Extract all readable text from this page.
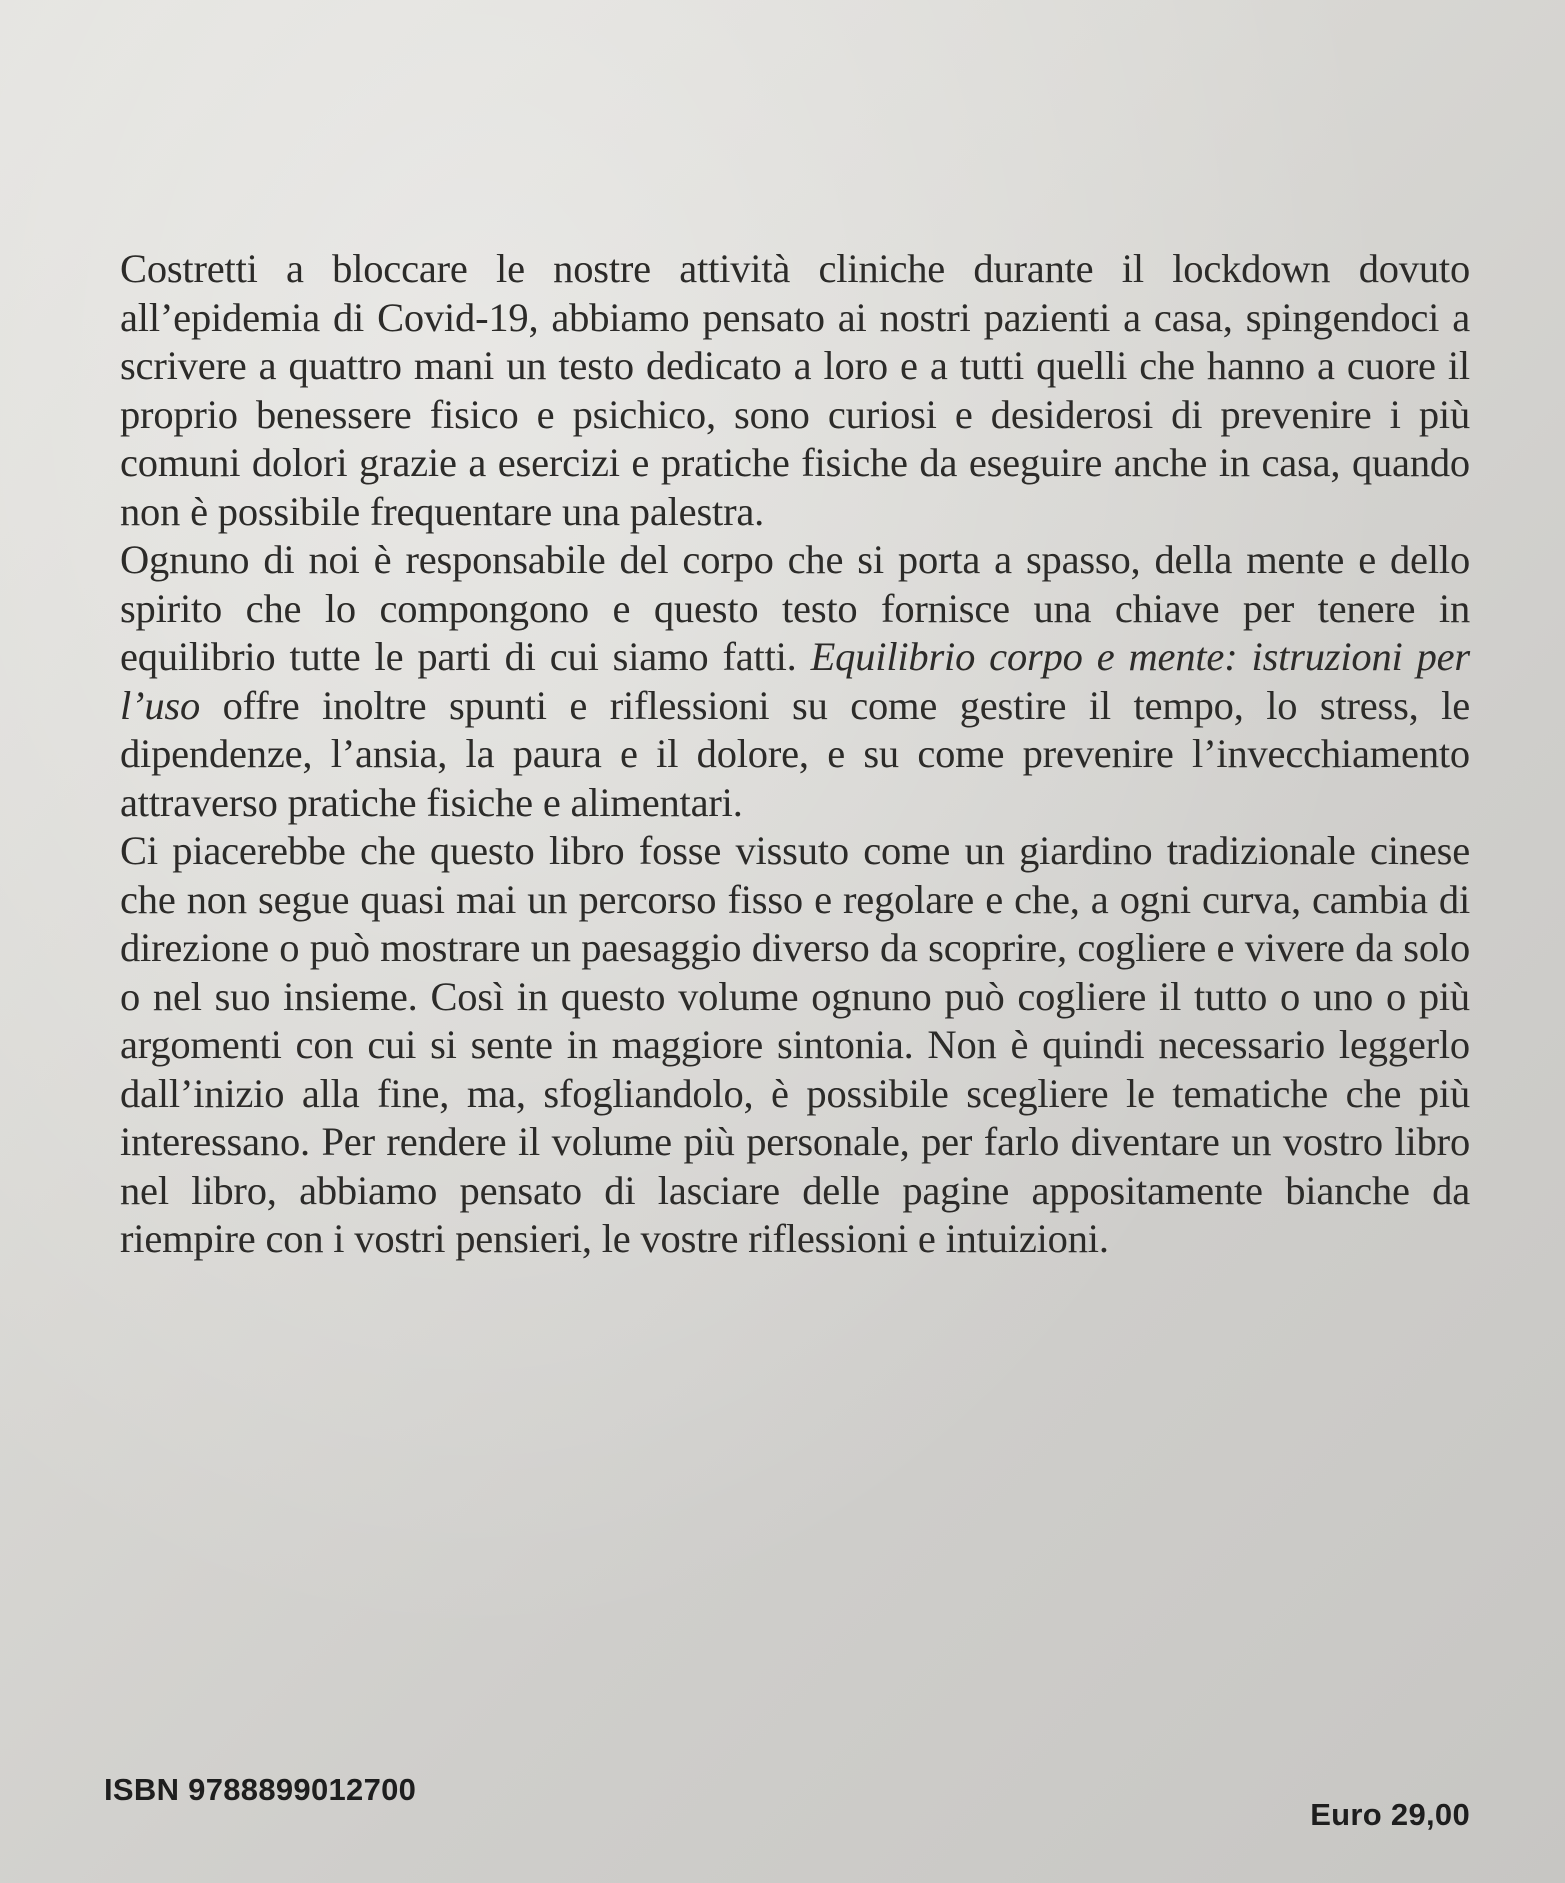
Costretti a bloccare le nostre attività cliniche durante il lockdown dovuto all’epidemia di Covid-19, abbiamo pensato ai nostri pazienti a casa, spingendoci a scrivere a quattro mani un testo dedicato a loro e a tutti quelli che hanno a cuore il proprio benessere fisico e psichico, sono curiosi e desiderosi di prevenire i più comuni dolori grazie a esercizi e pratiche fisiche da eseguire anche in casa, quando non è possibile frequentare una palestra.

Ognuno di noi è responsabile del corpo che si porta a spasso, della mente e dello spirito che lo compongono e questo testo fornisce una chiave per tenere in equilibrio tutte le parti di cui siamo fatti. Equilibrio corpo e mente: istruzioni per l’uso offre inoltre spunti e riflessioni su come gestire il tempo, lo stress, le dipendenze, l’ansia, la paura e il dolore, e su come prevenire l’invecchiamento attraverso pratiche fisiche e alimentari.

Ci piacerebbe che questo libro fosse vissuto come un giardino tradizionale cinese che non segue quasi mai un percorso fisso e regolare e che, a ogni curva, cambia di direzione o può mostrare un paesaggio diverso da scoprire, cogliere e vivere da solo o nel suo insieme. Così in questo volume ognuno può cogliere il tutto o uno o più argomenti con cui si sente in maggiore sintonia. Non è quindi necessario leggerlo dall’inizio alla fine, ma, sfogliandolo, è possibile scegliere le tematiche che più interessano. Per rendere il volume più personale, per farlo diventare un vostro libro nel libro, abbiamo pensato di lasciare delle pagine appositamente bianche da riempire con i vostri pensieri, le vostre riflessioni e intuizioni.

ISBN 9788899012700
Euro 29,00
